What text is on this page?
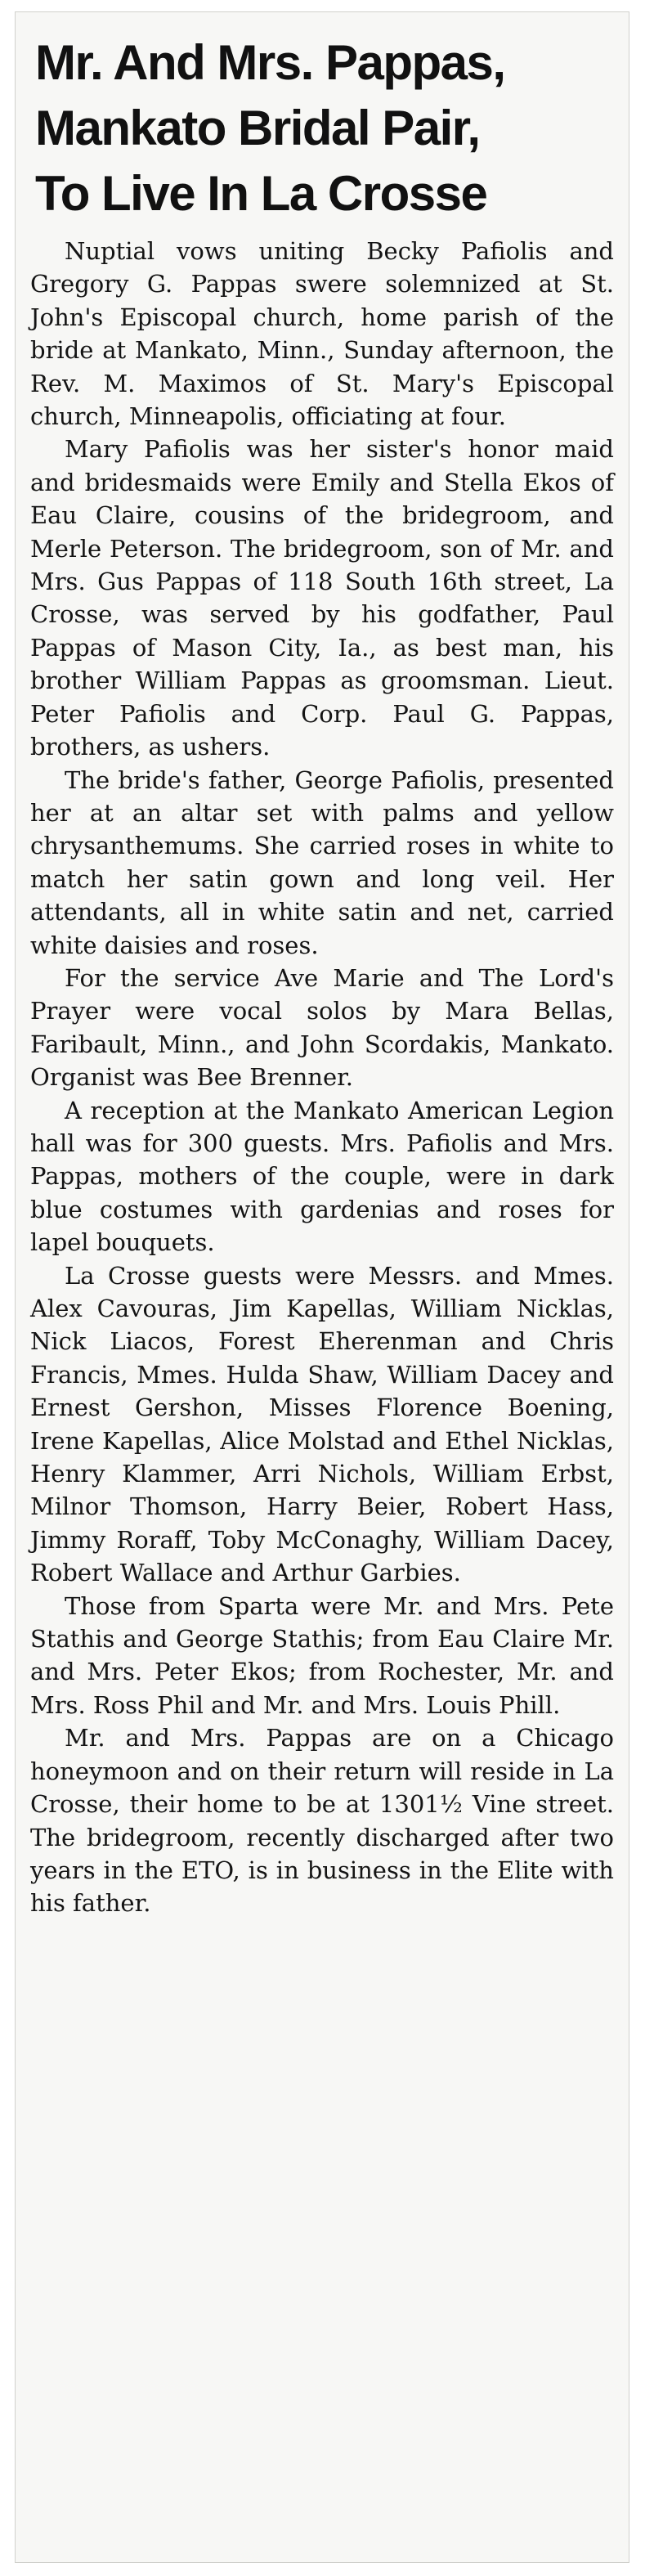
Mr. And Mrs. Pappas,
Mankato Bridal Pair,
To Live In La Crosse

Nuptial vows uniting Becky Pafiolis and Gregory G. Pappas swere solemnized at St. John's Episcopal church, home parish of the bride at Mankato, Minn., Sunday afternoon, the Rev. M. Maximos of St. Mary's Episcopal church, Minneapolis, officiating at four.

Mary Pafiolis was her sister's honor maid and bridesmaids were Emily and Stella Ekos of Eau Claire, cousins of the bridegroom, and Merle Peterson. The bridegroom, son of Mr. and Mrs. Gus Pappas of 118 South 16th street, La Crosse, was served by his godfather, Paul Pappas of Mason City, Ia., as best man, his brother William Pappas as groomsman. Lieut. Peter Pafiolis and Corp. Paul G. Pappas, brothers, as ushers.

The bride's father, George Pafiolis, presented her at an altar set with palms and yellow chrysanthemums. She carried roses in white to match her satin gown and long veil. Her attendants, all in white satin and net, carried white daisies and roses.

For the service Ave Marie and The Lord's Prayer were vocal solos by Mara Bellas, Faribault, Minn., and John Scordakis, Mankato. Organist was Bee Brenner.

A reception at the Mankato American Legion hall was for 300 guests. Mrs. Pafiolis and Mrs. Pappas, mothers of the couple, were in dark blue costumes with gardenias and roses for lapel bouquets.

La Crosse guests were Messrs. and Mmes. Alex Cavouras, Jim Kapellas, William Nicklas, Nick Liacos, Forest Eherenman and Chris Francis, Mmes. Hulda Shaw, William Dacey and Ernest Gershon, Misses Florence Boening, Irene Kapellas, Alice Molstad and Ethel Nicklas, Henry Klammer, Arri Nichols, William Erbst, Milnor Thomson, Harry Beier, Robert Hass, Jimmy Roraff, Toby McConaghy, William Dacey, Robert Wallace and Arthur Garbies.

Those from Sparta were Mr. and Mrs. Pete Stathis and George Stathis; from Eau Claire Mr. and Mrs. Peter Ekos; from Rochester, Mr. and Mrs. Ross Phil and Mr. and Mrs. Louis Phill.

Mr. and Mrs. Pappas are on a Chicago honeymoon and on their return will reside in La Crosse, their home to be at 1301½ Vine street. The bridegroom, recently discharged after two years in the ETO, is in business in the Elite with his father.
